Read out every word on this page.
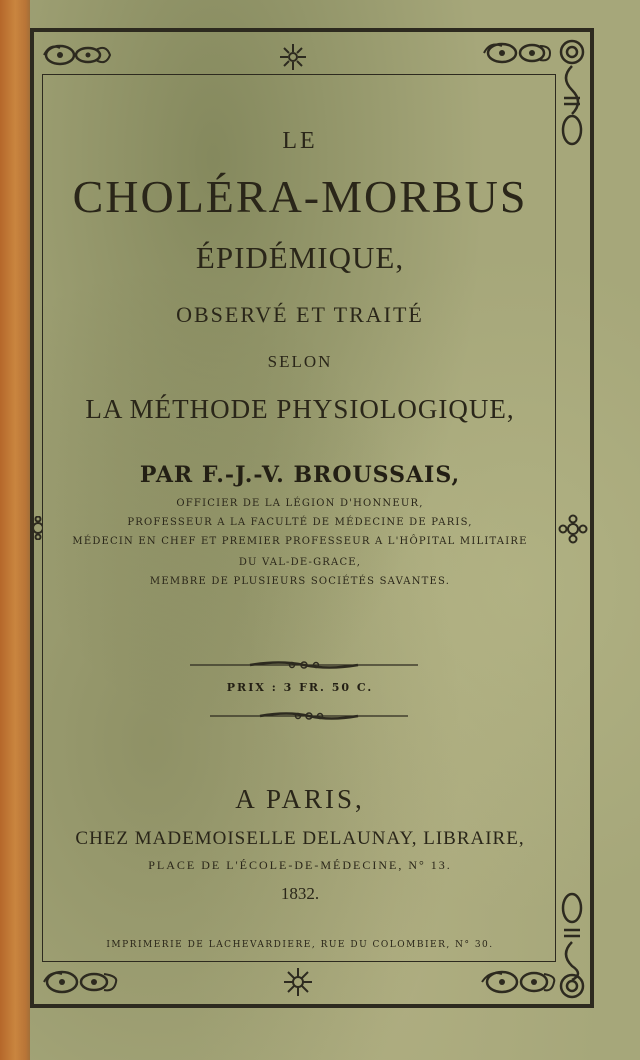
LE
CHOLÉRA-MORBUS
ÉPIDÉMIQUE,
OBSERVÉ ET TRAITÉ
SELON
LA MÉTHODE PHYSIOLOGIQUE,
PAR F.-J.-V. BROUSSAIS,
OFFICIER DE LA LÉGION D'HONNEUR,
PROFESSEUR A LA FACULTÉ DE MÉDECINE DE PARIS,
MÉDECIN EN CHEF ET PREMIER PROFESSEUR A L'HÔPITAL MILITAIRE
DU VAL-DE-GRACE,
MEMBRE DE PLUSIEURS SOCIÉTÉS SAVANTES.
PRIX : 3 FR. 50 C.
A PARIS,
CHEZ MADEMOISELLE DELAUNAY, LIBRAIRE,
PLACE DE L'ÉCOLE-DE-MÉDECINE, N° 13.
1832.
IMPRIMERIE DE LACHEVARDIERE, RUE DU COLOMBIER, N° 30.
